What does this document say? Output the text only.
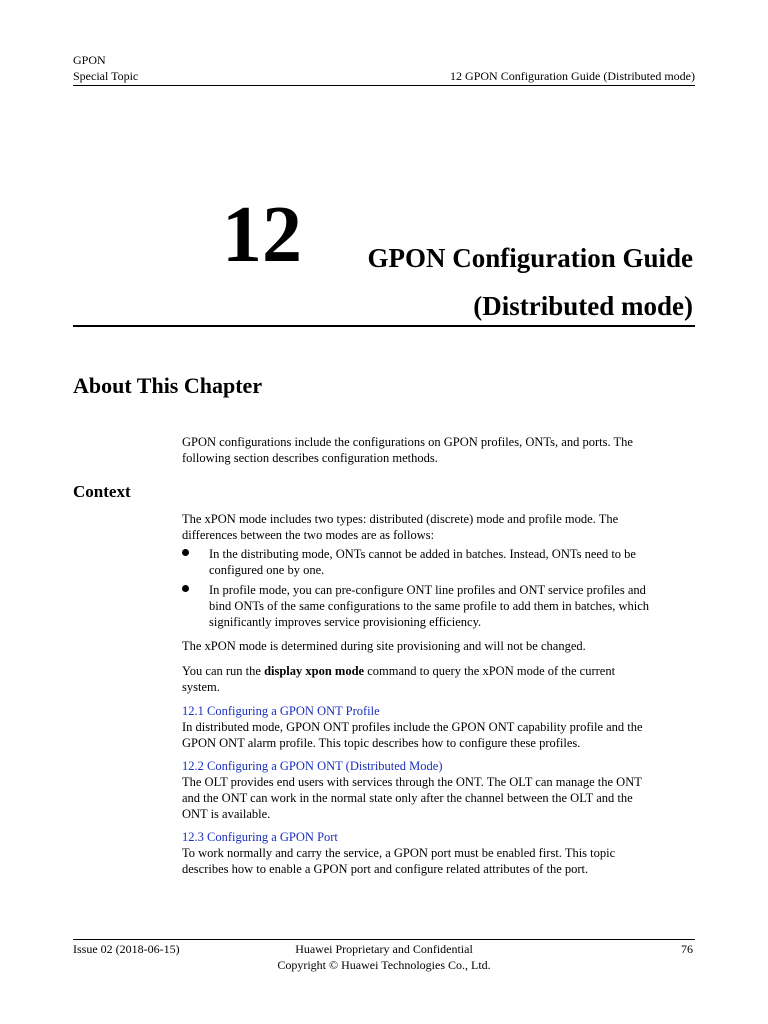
GPON
Special Topic	12 GPON Configuration Guide (Distributed mode)
12 GPON Configuration Guide
(Distributed mode)
About This Chapter
GPON configurations include the configurations on GPON profiles, ONTs, and ports. The
following section describes configuration methods.
Context
The xPON mode includes two types: distributed (discrete) mode and profile mode. The
differences between the two modes are as follows:
In the distributing mode, ONTs cannot be added in batches. Instead, ONTs need to be
configured one by one.
In profile mode, you can pre-configure ONT line profiles and ONT service profiles and
bind ONTs of the same configurations to the same profile to add them in batches, which
significantly improves service provisioning efficiency.
The xPON mode is determined during site provisioning and will not be changed.
You can run the display xpon mode command to query the xPON mode of the current
system.
12.1 Configuring a GPON ONT Profile
In distributed mode, GPON ONT profiles include the GPON ONT capability profile and the
GPON ONT alarm profile. This topic describes how to configure these profiles.
12.2 Configuring a GPON ONT (Distributed Mode)
The OLT provides end users with services through the ONT. The OLT can manage the ONT
and the ONT can work in the normal state only after the channel between the OLT and the
ONT is available.
12.3 Configuring a GPON Port
To work normally and carry the service, a GPON port must be enabled first. This topic
describes how to enable a GPON port and configure related attributes of the port.
Issue 02 (2018-06-15)	Huawei Proprietary and Confidential
Copyright © Huawei Technologies Co., Ltd.
76
